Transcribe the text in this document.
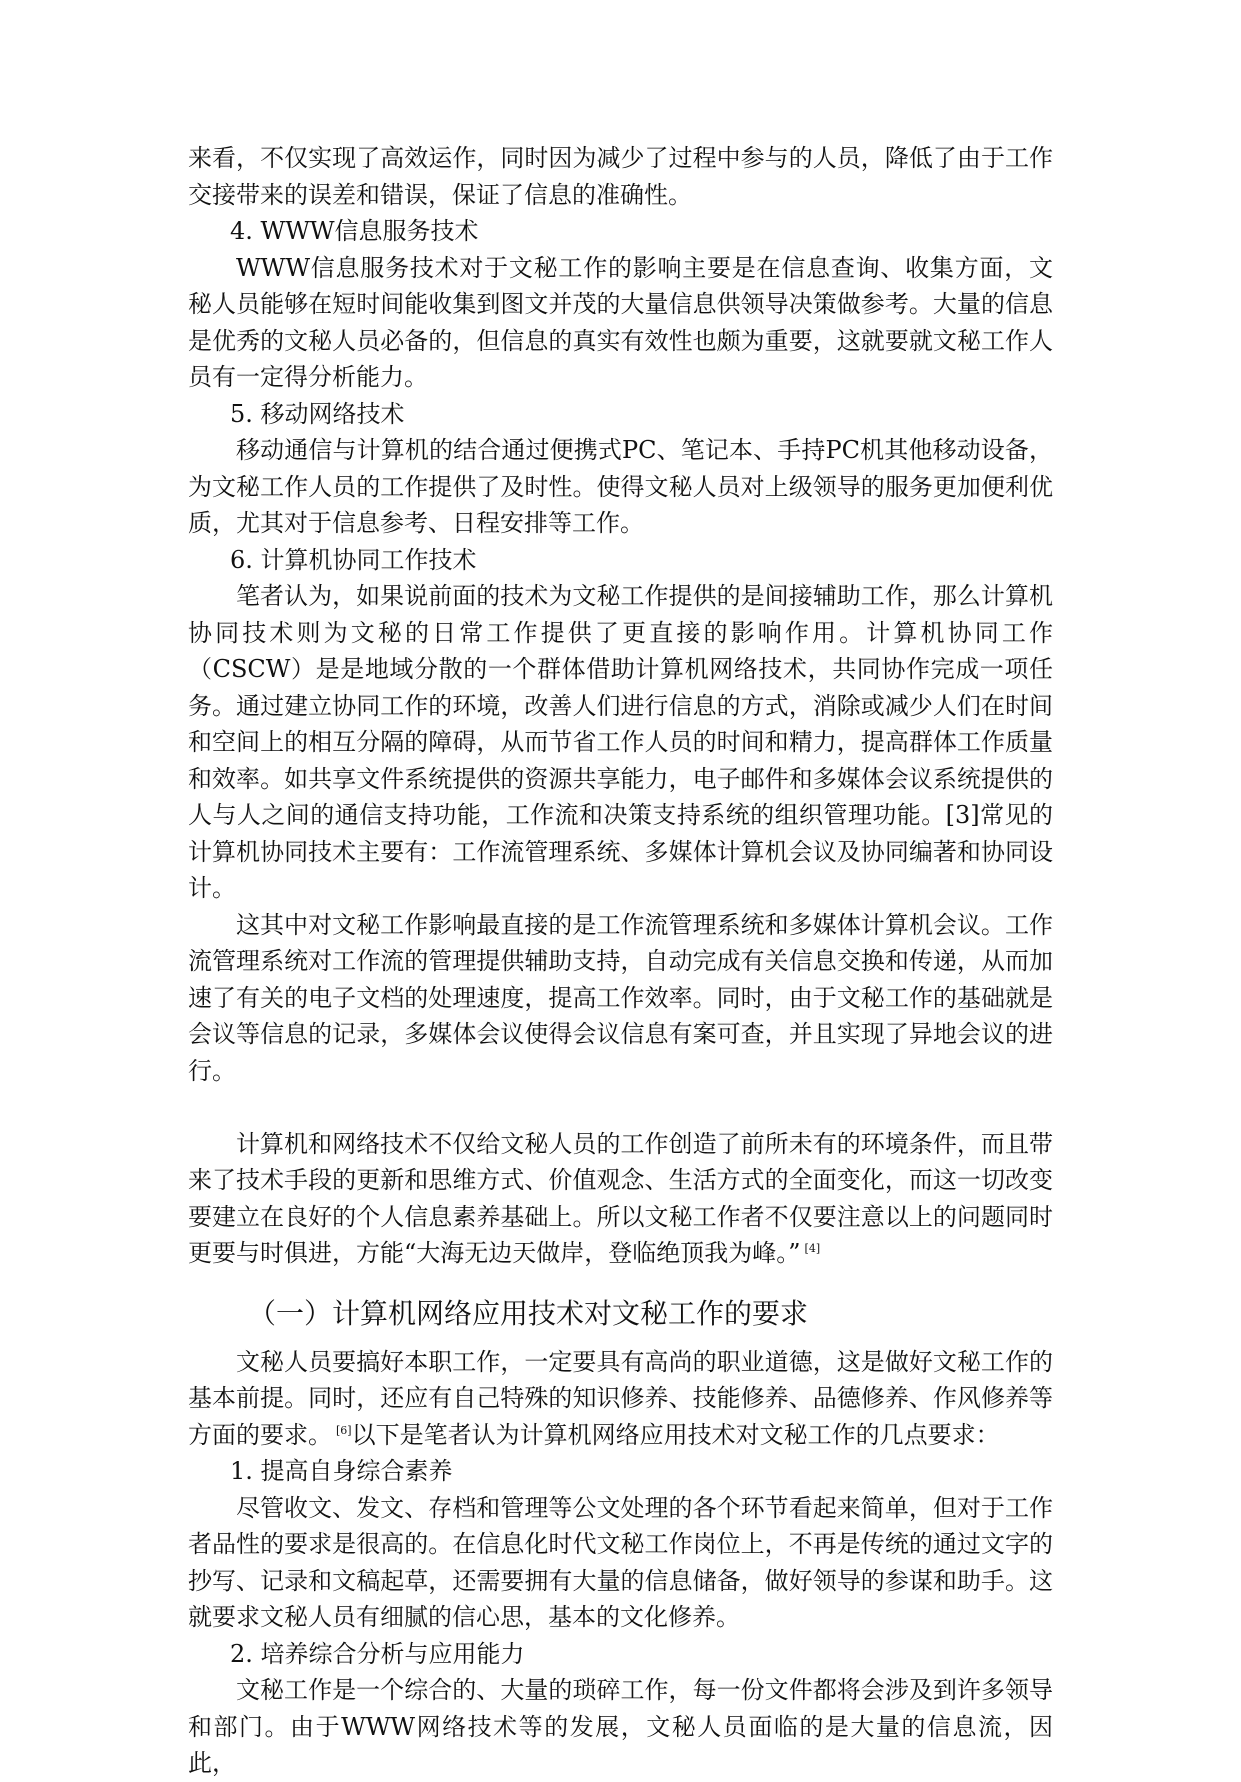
来看，不仅实现了高效运作，同时因为减少了过程中参与的人员，降低了由于工作交接带来的误差和错误，保证了信息的准确性。

4. WWW信息服务技术

WWW信息服务技术对于文秘工作的影响主要是在信息查询、收集方面，文秘人员能够在短时间能收集到图文并茂的大量信息供领导决策做参考。大量的信息是优秀的文秘人员必备的，但信息的真实有效性也颇为重要，这就要就文秘工作人员有一定得分析能力。

5. 移动网络技术

移动通信与计算机的结合通过便携式PC、笔记本、手持PC机其他移动设备，为文秘工作人员的工作提供了及时性。使得文秘人员对上级领导的服务更加便利优质，尤其对于信息参考、日程安排等工作。

6. 计算机协同工作技术

笔者认为，如果说前面的技术为文秘工作提供的是间接辅助工作，那么计算机协同技术则为文秘的日常工作提供了更直接的影响作用。计算机协同工作（CSCW）是是地域分散的一个群体借助计算机网络技术，共同协作完成一项任务。通过建立协同工作的环境，改善人们进行信息的方式，消除或减少人们在时间和空间上的相互分隔的障碍，从而节省工作人员的时间和精力，提高群体工作质量和效率。如共享文件系统提供的资源共享能力，电子邮件和多媒体会议系统提供的人与人之间的通信支持功能，工作流和决策支持系统的组织管理功能。[3]常见的计算机协同技术主要有：工作流管理系统、多媒体计算机会议及协同编著和协同设计。

这其中对文秘工作影响最直接的是工作流管理系统和多媒体计算机会议。工作流管理系统对工作流的管理提供辅助支持，自动完成有关信息交换和传递，从而加速了有关的电子文档的处理速度，提高工作效率。同时，由于文秘工作的基础就是会议等信息的记录，多媒体会议使得会议信息有案可查，并且实现了异地会议的进行。

计算机和网络技术不仅给文秘人员的工作创造了前所未有的环境条件，而且带来了技术手段的更新和思维方式、价值观念、生活方式的全面变化，而这一切改变要建立在良好的个人信息素养基础上。所以文秘工作者不仅要注意以上的问题同时更要与时俱进，方能“大海无边天做岸，登临绝顶我为峰。” [4]

（一）计算机网络应用技术对文秘工作的要求

文秘人员要搞好本职工作，一定要具有高尚的职业道德，这是做好文秘工作的基本前提。同时，还应有自己特殊的知识修养、技能修养、品德修养、作风修养等方面的要求。 [6]以下是笔者认为计算机网络应用技术对文秘工作的几点要求：

1. 提高自身综合素养

尽管收文、发文、存档和管理等公文处理的各个环节看起来简单，但对于工作者品性的要求是很高的。在信息化时代文秘工作岗位上，不再是传统的通过文字的抄写、记录和文稿起草，还需要拥有大量的信息储备，做好领导的参谋和助手。这就要求文秘人员有细腻的信心思，基本的文化修养。

2. 培养综合分析与应用能力

文秘工作是一个综合的、大量的琐碎工作，每一份文件都将会涉及到许多领导和部门。由于WWW网络技术等的发展，文秘人员面临的是大量的信息流，因此，
